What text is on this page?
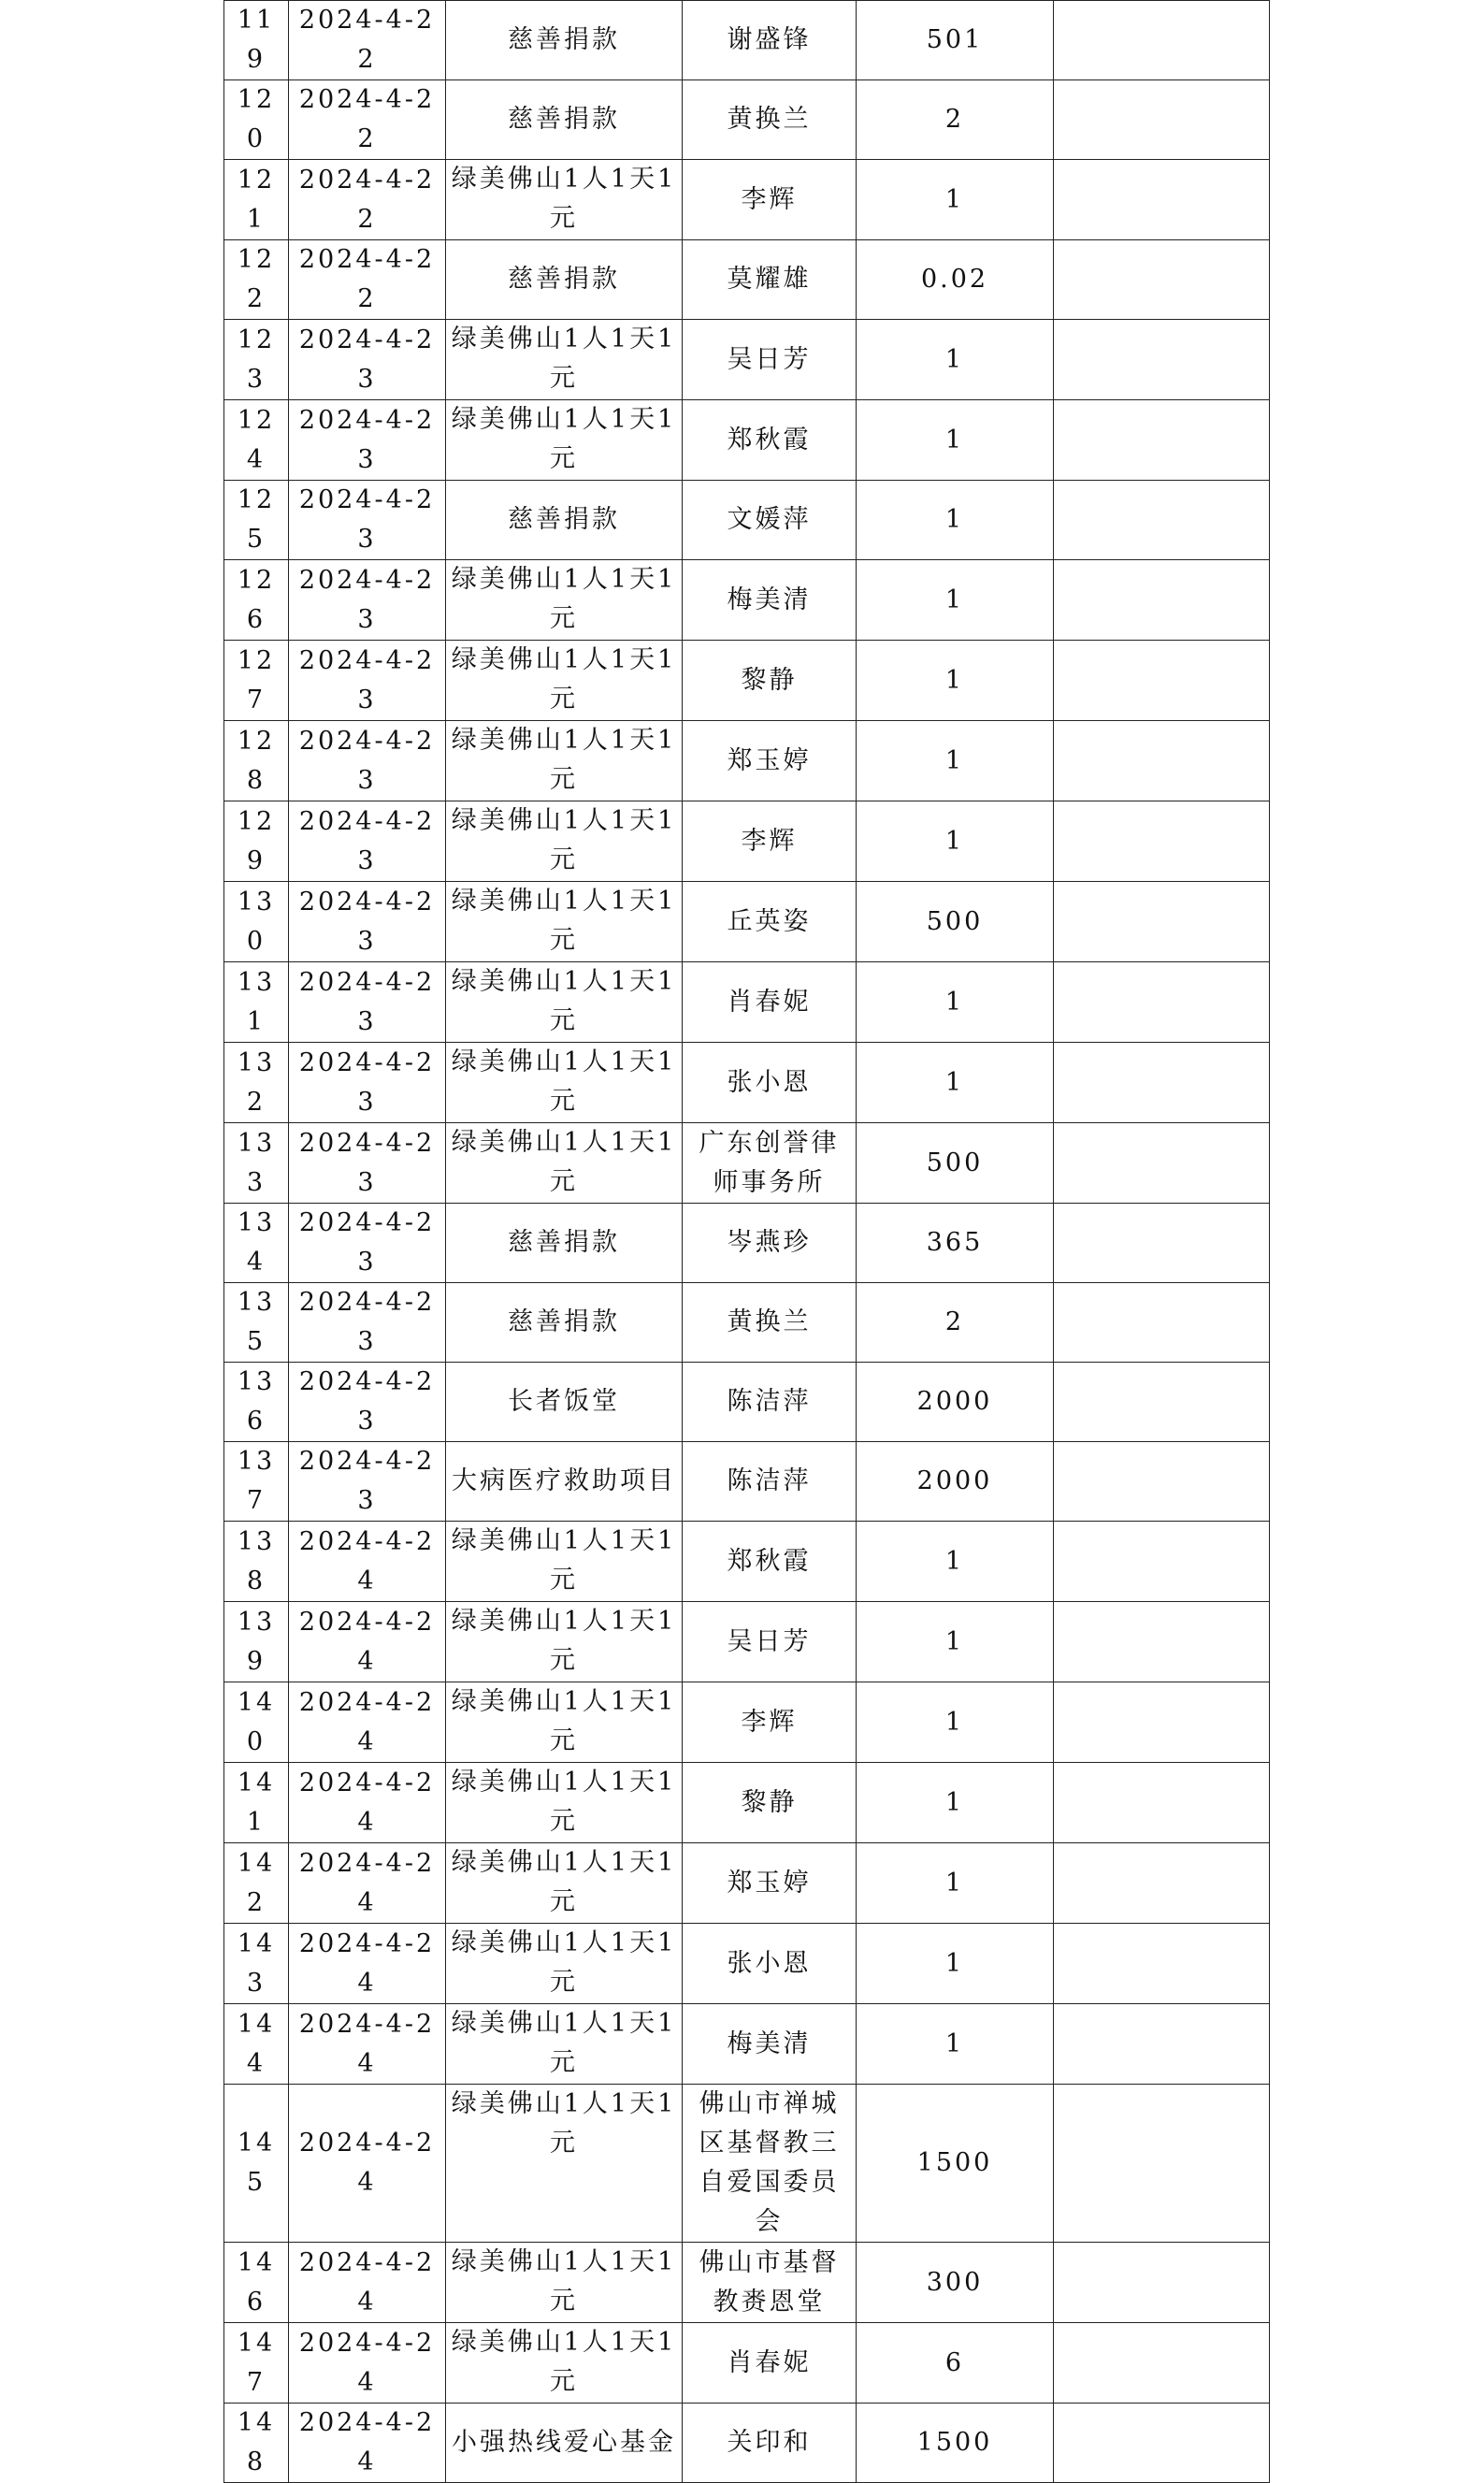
119	2024-4-22	慈善捐款	谢盛锋	501	
120	2024-4-22	慈善捐款	黄换兰	2	
121	2024-4-22	绿美佛山1人1天1元	李辉	1	
122	2024-4-22	慈善捐款	莫耀雄	0.02	
123	2024-4-23	绿美佛山1人1天1元	吴日芳	1	
124	2024-4-23	绿美佛山1人1天1元	郑秋霞	1	
125	2024-4-23	慈善捐款	文媛萍	1	
126	2024-4-23	绿美佛山1人1天1元	梅美清	1	
127	2024-4-23	绿美佛山1人1天1元	黎静	1	
128	2024-4-23	绿美佛山1人1天1元	郑玉婷	1	
129	2024-4-23	绿美佛山1人1天1元	李辉	1	
130	2024-4-23	绿美佛山1人1天1元	丘英姿	500	
131	2024-4-23	绿美佛山1人1天1元	肖春妮	1	
132	2024-4-23	绿美佛山1人1天1元	张小恩	1	
133	2024-4-23	绿美佛山1人1天1元	广东创誉律师事务所	500	
134	2024-4-23	慈善捐款	岑燕珍	365	
135	2024-4-23	慈善捐款	黄换兰	2	
136	2024-4-23	长者饭堂	陈洁萍	2000	
137	2024-4-23	大病医疗救助项目	陈洁萍	2000	
138	2024-4-24	绿美佛山1人1天1元	郑秋霞	1	
139	2024-4-24	绿美佛山1人1天1元	吴日芳	1	
140	2024-4-24	绿美佛山1人1天1元	李辉	1	
141	2024-4-24	绿美佛山1人1天1元	黎静	1	
142	2024-4-24	绿美佛山1人1天1元	郑玉婷	1	
143	2024-4-24	绿美佛山1人1天1元	张小恩	1	
144	2024-4-24	绿美佛山1人1天1元	梅美清	1	
145	2024-4-24	绿美佛山1人1天1元	佛山市禅城区基督教三自爱国委员会	1500	
146	2024-4-24	绿美佛山1人1天1元	佛山市基督教赉恩堂	300	
147	2024-4-24	绿美佛山1人1天1元	肖春妮	6	
148	2024-4-24	小强热线爱心基金	关印和	1500	
